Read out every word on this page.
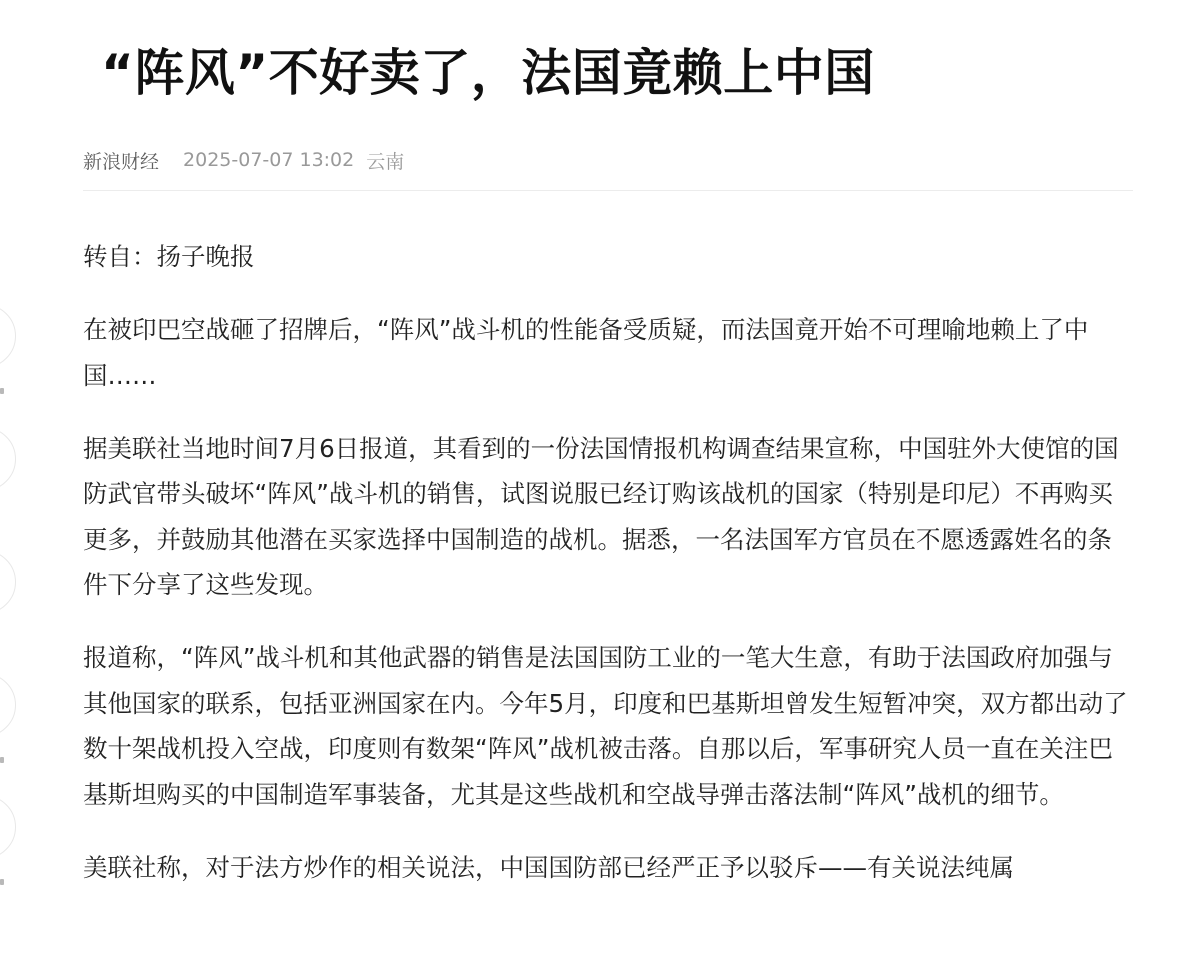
“阵风”不好卖了，法国竟赖上中国
新浪财经 2025-07-07 13:02 云南

转自：扬子晚报

在被印巴空战砸了招牌后，“阵风”战斗机的性能备受质疑，而法国竟开始不可理喻地赖上了中国……

据美联社当地时间7月6日报道，其看到的一份法国情报机构调查结果宣称，中国驻外大使馆的国防武官带头破坏“阵风”战斗机的销售，试图说服已经订购该战机的国家（特别是印尼）不再购买更多，并鼓励其他潜在买家选择中国制造的战机。据悉，一名法国军方官员在不愿透露姓名的条件下分享了这些发现。

报道称，“阵风”战斗机和其他武器的销售是法国国防工业的一笔大生意，有助于法国政府加强与其他国家的联系，包括亚洲国家在内。今年5月，印度和巴基斯坦曾发生短暂冲突，双方都出动了数十架战机投入空战，印度则有数架“阵风”战机被击落。自那以后，军事研究人员一直在关注巴基斯坦购买的中国制造军事装备，尤其是这些战机和空战导弹击落法制“阵风”战机的细节。

美联社称，对于法方炒作的相关说法，中国国防部已经严正予以驳斥——有关说法纯属
